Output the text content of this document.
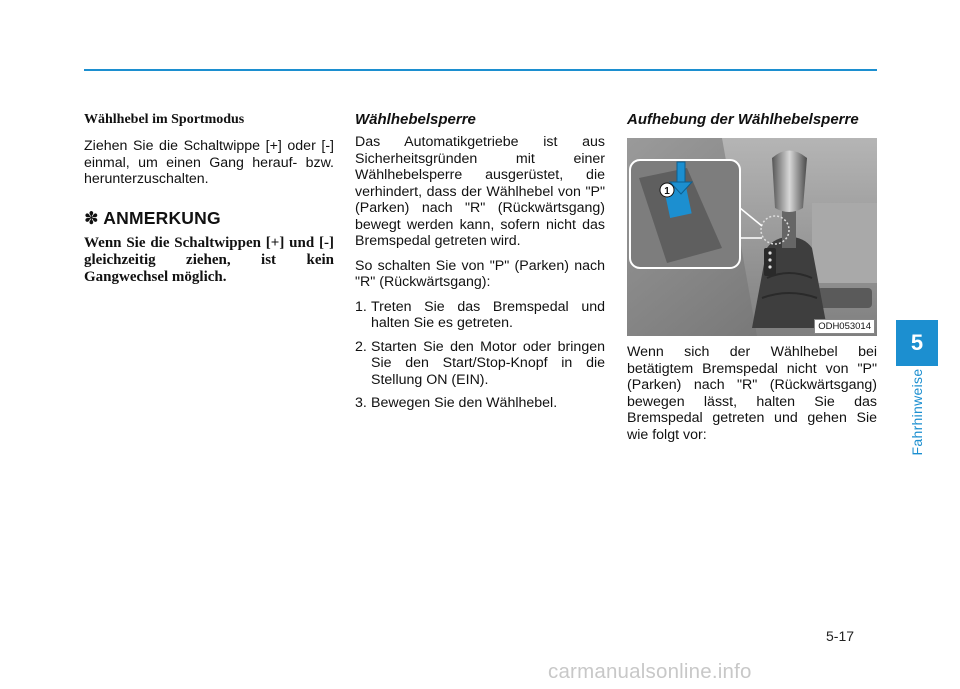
Wählhebel im Sportmodus

Ziehen Sie die Schaltwippe [+] oder [-] einmal, um einen Gang herauf- bzw. herunterzuschalten.

✽ ANMERKUNG

Wenn Sie die Schaltwippen [+] und [-] gleichzeitig ziehen, ist kein Gangwechsel möglich.

Wählhebelsperre

Das Automatikgetriebe ist aus Sicherheitsgründen mit einer Wählhebelsperre ausgerüstet, die verhindert, dass der Wählhebel von "P" (Parken) nach "R" (Rückwärtsgang) bewegt werden kann, sofern nicht das Bremspedal getreten wird.

So schalten Sie von "P" (Parken) nach "R" (Rückwärtsgang):

1. Treten Sie das Bremspedal und halten Sie es getreten.
2. Starten Sie den Motor oder bringen Sie den Start/Stop-Knopf in die Stellung ON (EIN).
3. Bewegen Sie den Wählhebel.
Aufhebung der Wählhebelsperre
1
ODH053014

Wenn sich der Wählhebel bei betätigtem Bremspedal nicht von "P" (Parken) nach "R" (Rückwärtsgang) bewegen lässt, halten Sie das Bremspedal getreten und gehen Sie wie folgt vor:

5
Fahrhinweise
5-17
carmanualsonline.info
